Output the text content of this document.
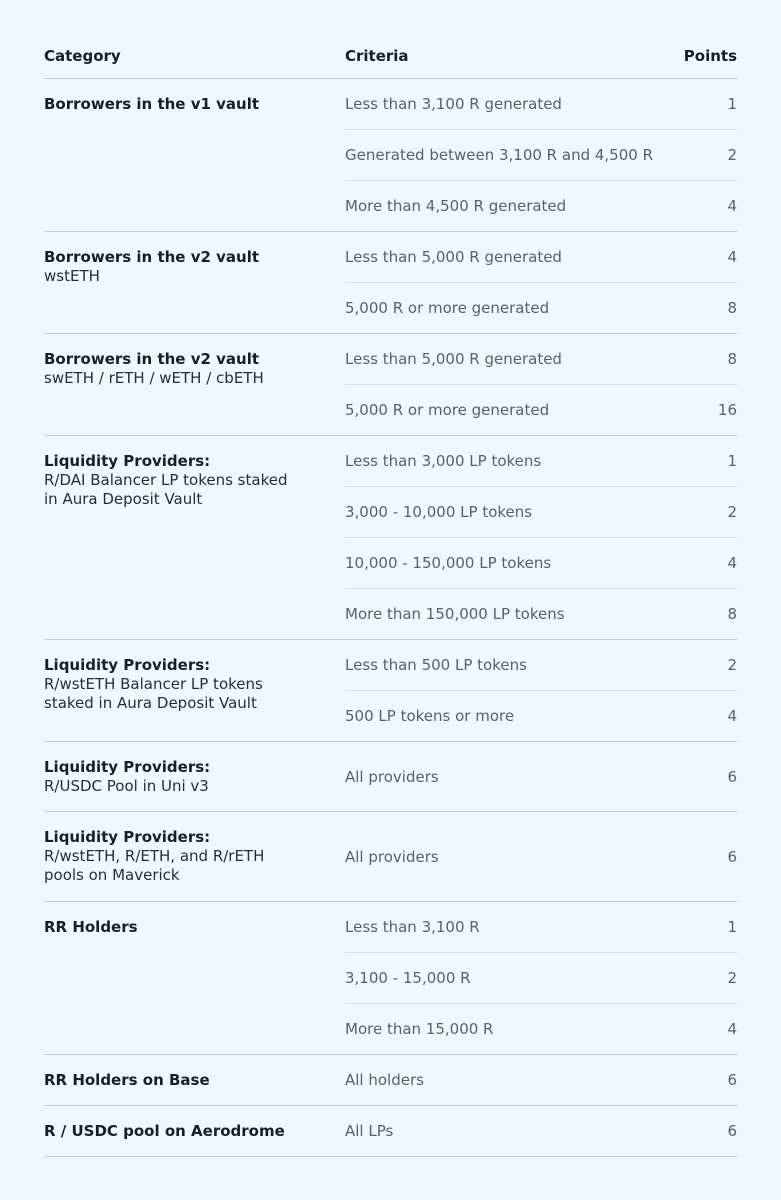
Category	Criteria	Points
Borrowers in the v1 vault	Less than 3,100 R generated	1
Generated between 3,100 R and 4,500 R	2
More than 4,500 R generated	4
Borrowers in the v2 vault
wstETH
Less than 5,000 R generated	4
5,000 R or more generated	8
Borrowers in the v2 vault
swETH / rETH / wETH / cbETH
Less than 5,000 R generated	8
5,000 R or more generated	16
Liquidity Providers:
R/DAI Balancer LP tokens staked
in Aura Deposit Vault
Less than 3,000 LP tokens	1
3,000 - 10,000 LP tokens	2
10,000 - 150,000 LP tokens	4
More than 150,000 LP tokens	8
Liquidity Providers:
R/wstETH Balancer LP tokens
staked in Aura Deposit Vault
Less than 500 LP tokens	2
500 LP tokens or more	4
Liquidity Providers:
R/USDC Pool in Uni v3	All providers	6
Liquidity Providers:
R/wstETH, R/ETH, and R/rETH
pools on Maverick
All providers	6
RR Holders	Less than 3,100 R	1
3,100 - 15,000 R	2
More than 15,000 R	4
RR Holders on Base	All holders	6
R / USDC pool on Aerodrome	All LPs	6
